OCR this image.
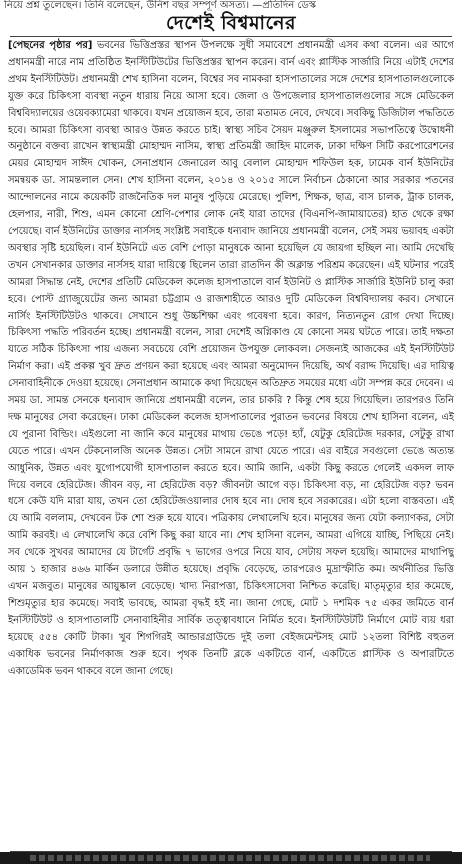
নিয়ে প্রশ্ন তুলেছেন। তিনি বলেছেন, উনিশ বছর সম্পূর্ণ অসত্য। —প্রতিদিন ডেস্ক
দেশেই বিশ্বমানের

[পেছনের পৃষ্ঠার পর] ভবনের ভিত্তিপ্রস্তর স্থাপন উপলক্ষে সুধী সমাবেশে প্রধানমন্ত্রী এসব কথা বলেন। এর আগে প্রধানমন্ত্রী নারে নাম প্রতিষ্ঠিত ইনস্টিটিউটের ভিত্তিপ্রস্তর স্থাপন করেন। বার্ন এবং প্লাস্টিক সার্জারি নিয়ে এটাই দেশের প্রথম ইনস্টিটিউট। প্রধানমন্ত্রী শেখ হাসিনা বলেন, বিশ্বের সব নামকরা হাসপাতালের সঙ্গে দেশের হাসপাতালগুলোকে যুক্ত করে চিকিৎসা ব্যবস্থা নতুন ধারায় নিয়ে আসা হবে। জেলা ও উপজেলার হাসপাতালগুলোর সঙ্গে মেডিকেল বিশ্ববিদ্যালয়ের ওয়েবক্যামেরা থাকবে। যখন প্রয়োজন হবে, তারা মতামত নেবে, দেখবে। সবকিছু ডিজিটাল পদ্ধতিতে হবে। আমরা চিকিৎসা ব্যবস্থা আরও উন্নত করতে চাই। স্বাস্থ্য সচিব সৈয়দ মঞ্জুরুল ইসলামের সভাপতিত্বে উদ্বোধনী অনুষ্ঠানে বক্তব্য রাখেন স্বাস্থ্যমন্ত্রী মোহাম্মদ নাসিম, স্বাস্থ্য প্রতিমন্ত্রী জাহিদ মালেক, ঢাকা দক্ষিণ সিটি করপোরেশনের মেয়র মোহাম্মদ সাঈদ খোকন, সেনাপ্রধান জেনারেল আবু বেলাল মোহাম্মদ শফিউল হক, ঢামেক বার্ন ইউনিটের সমন্বয়ক ডা. সামন্তলাল সেন। শেখ হাসিনা বলেন, ২০১৪ ও ২০১৫ সালে নির্বাচন ঠেকানো আর সরকার পতনের আন্দোলনের নামে কয়েকটি রাজনৈতিক দল মানুষ পুড়িয়ে মেরেছে। পুলিশ, শিক্ষক, ছাত্র, বাস চালক, ট্রাক চালক, হেলপার, নারী, শিশু, এমন কোনো শ্রেণি-পেশার লোক নেই যারা তাদের (বিএনপি-জামায়াতের) হাত থেকে রক্ষা পেয়েছে। বার্ন ইউনিটের ডাক্তার নার্সসহ সংশ্লিষ্ট সবাইকে ধন্যবাদ জানিয়ে প্রধানমন্ত্রী বলেন, সেই সময় ভয়াবহ একটা অবস্থার সৃষ্টি হয়েছিল। বার্ন ইউনিটে এত বেশি পোড়া মানুষকে আনা হয়েছিল যে জায়গা হচ্ছিল না। আমি দেখেছি তখন সেখানকার ডাক্তার নার্সসহ যারা দায়িত্বে ছিলেন তারা রাতদিন কী অক্লান্ত পরিশ্রম করেছেন। এই ঘটনার পরেই আমরা সিদ্ধান্ত নেই, দেশের প্রতিটি মেডিকেল কলেজ হাসপাতালে বার্ন ইউনিট ও প্লাস্টিক সার্জারি ইউনিট চালু করা হবে। পোস্ট গ্র্যাজুয়েটের জন্য আমরা চট্টগ্রাম ও রাজশাহীতে আরও দুটি মেডিকেল বিশ্ববিদ্যালয় করব। সেখানে নার্সিং ইনস্টিটিউটও থাকবে। সেখানে শুধু উচ্চশিক্ষা এবং গবেষণা হবে। কারণ, নিত্যনতুন রোগ দেখা দিচ্ছে। চিকিৎসা পদ্ধতি পরিবর্তন হচ্ছে। প্রধানমন্ত্রী বলেন, সারা দেশেই অগ্নিকাণ্ড যে কোনো সময় ঘটতে পারে। তাই দক্ষতা যাতে সঠিক চিকিৎসা পায় এজন্য সবচেয়ে বেশি প্রয়োজন উপযুক্ত লোকবল। সেজন্যই আজকের এই ইনস্টিটিউট নির্মাণ করা। এই প্রকল্প খুব দ্রুত প্রণয়ন করা হয়েছে এবং আমরা অনুমোদন দিয়েছি, অর্থ বরাদ্দ দিয়েছি। এর দায়িত্ব সেনাবাহিনীকে দেওয়া হয়েছে। সেনাপ্রধান আমাকে কথা দিয়েছেন অতিদ্রুত সময়ের মধ্যে এটা সম্পন্ন করে দেবেন। এ সময় ডা. সামন্ত সেনকে ধন্যবাদ জানিয়ে প্রধানমন্ত্রী বলেন, তার চাকরি ? কিন্তু শেষ হয়ে গিয়েছিল। তারপরও তিনি দক্ষ মানুষের সেবা করেছেন। ঢাকা মেডিকেল কলেজ হাসপাতালের পুরাতন ভবনের বিষয়ে শেখ হাসিনা বলেন, এই যে পুরানা বিল্ডিং। এইগুলো না জানি কবে মানুষের মাথায় ভেঙে পড়ে! হ্যাঁ, যেটুকু হেরিটেজ দরকার, সেটুকু রাখা যেতে পারে। এখন টেকনোলজি অনেক উন্নত। সেটা সামনে রাখা যেতে পারে। এর বাইরে সবগুলো ভেঙে অত্যন্ত আধুনিক, উন্নত এবং যুগোপযোগী হাসপাতাল করতে হবে। আমি জানি, একটা কিছু করতে গেলেই একদল লাফ দিয়ে বলবে হেরিটেজ। জীবন বড়, না হেরিটেজ বড়? জীবনটা আগে বড়। চিকিৎসা বড়, না হেরিটেজ বড়? ভবন ধসে কেউ যদি মারা যায়, তখন তো হেরিটেজওয়ালার দোষ হবে না। দোষ হবে সরকারের। এটা হলো বাস্তবতা। এই যে আমি বললাম, দেখবেন টক শো শুরু হয়ে যাবে। পত্রিকায় লেখালেখি হবে। মানুষের জন্য যেটা কল্যাণকর, সেটা আমি করবই। এ লেখালেখি করে বেশি কিছু করা যাবে না। শেখ হাসিনা বলেন, আমরা এগিয়ে যাচ্ছি, পিছিয়ে নেই। সব থেকে সুখবর আমাদের যে টার্গেট প্রবৃদ্ধি ৭ ভাগের ওপরে নিয়ে যাব, সেটায় সফল হয়েছি। আমাদের মাথাপিছু আয় ১ হাজার ৪৬৬ মার্কিন ডলারে উন্নীত হয়েছে। প্রবৃদ্ধি বেড়েছে, তারপরেও মুদ্রাস্ফীতি কম। অর্থনীতির ভিত্তি এখন মজবুত। মানুষের আয়ুষ্কাল বেড়েছে। খাদ্য নিরাপত্তা, চিকিৎসাসেবা নিশ্চিত করেছি। মাতৃমৃত্যুর হার কমেছে, শিশুমৃত্যুর হার কমেছে। সবাই ভাবছে, আমরা বৃদ্ধই হই না। জানা গেছে, মোট ১ দশমিক ৭৫ একর জমিতে বার্ন ইনস্টিটিউট ও হাসপাতালটি সেনাবাহিনীর সার্বিক তত্ত্বাবধানে নির্মিত হবে। ইনস্টিটিউটটি নির্মাণে মোট ব্যয় ধরা হয়েছে ৫৫৪ কোটি টাকা। খুব শিগগিরই আন্ডারগ্রাউন্ডে দুই তলা বেইজমেন্টসহ মোট ১২তলা বিশিষ্ট বহুতল একাধিক ভবনের নির্মাণকাজ শুরু হবে। পৃথক তিনটি ব্লকে একটিতে বার্ন, একটিতে প্লাস্টিক ও অপারটিতে একাডেমিক ভবন থাকবে বলে জানা গেছে।
